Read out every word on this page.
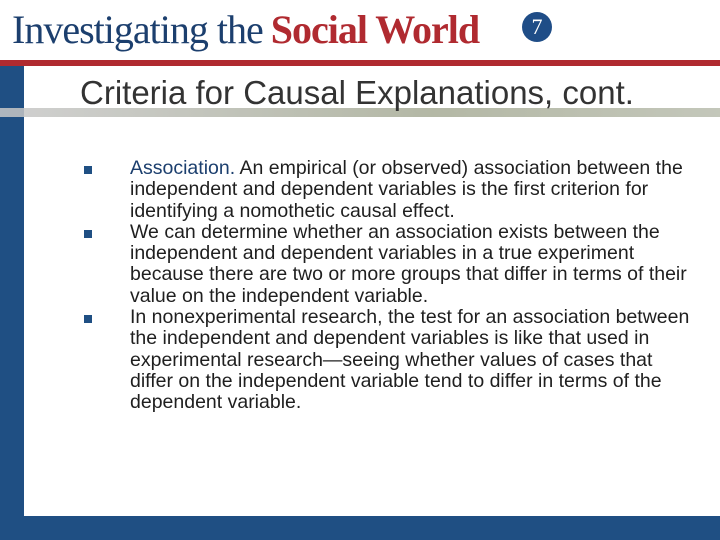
Investigating the Social World	7
Criteria for Causal Explanations, cont.
Association. An empirical (or observed) association between the independent and dependent variables is the first criterion for identifying a nomothetic causal effect.
We can determine whether an association exists between the independent and dependent variables in a true experiment because there are two or more groups that differ in terms of their value on the independent variable.
In nonexperimental research, the test for an association between the independent and dependent variables is like that used in experimental research—seeing whether values of cases that differ on the independent variable tend to differ in terms of the dependent variable.
